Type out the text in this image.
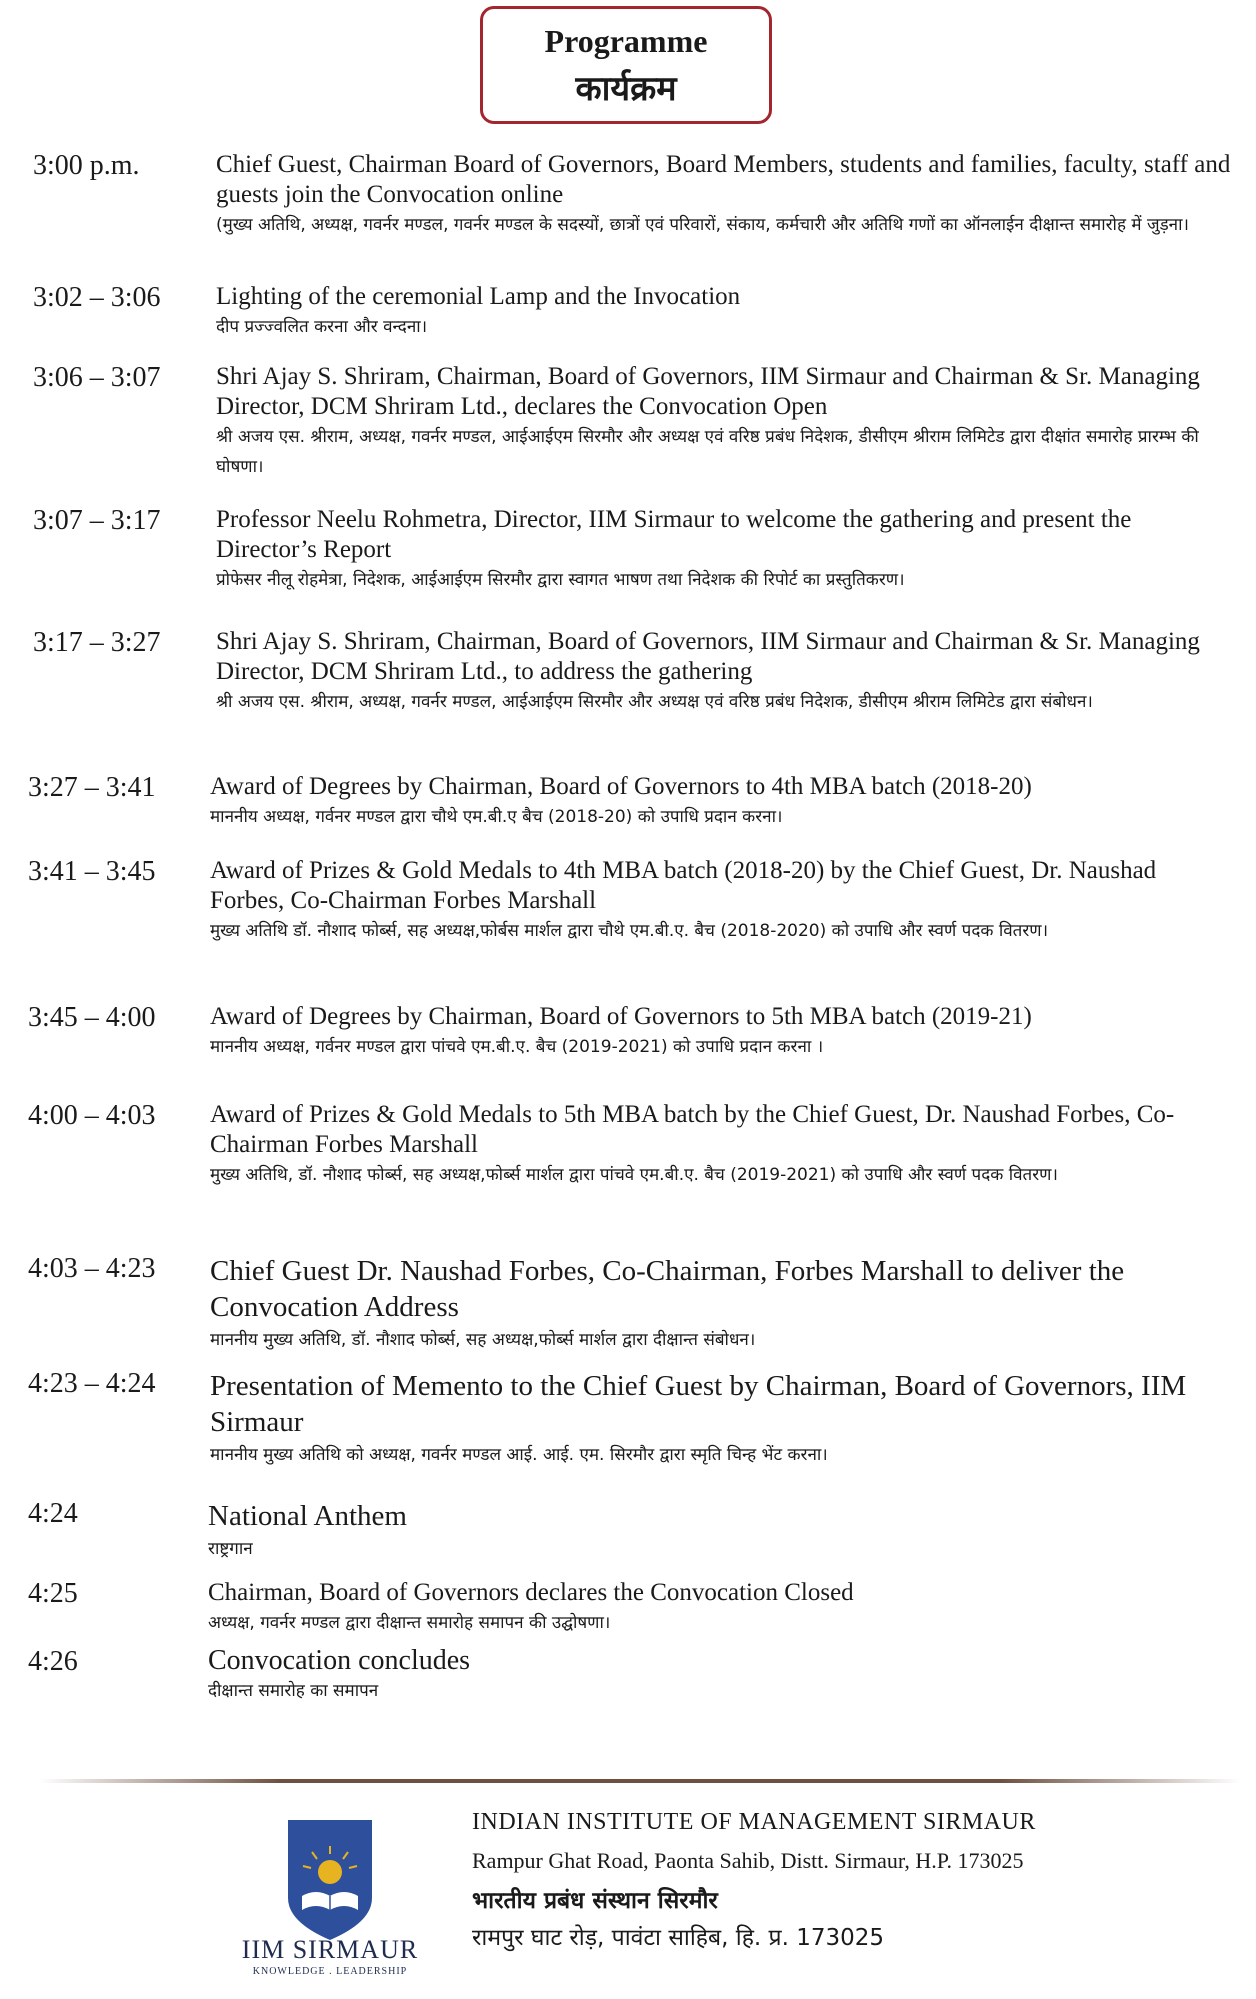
Programme
कार्यक्रम
3:00 p.m.	Chief Guest, Chairman Board of Governors, Board Members, students and families, faculty, staff and guests join the Convocation online
(मुख्य अतिथि, अध्यक्ष, गवर्नर मण्डल, गवर्नर मण्डल के सदस्यों, छात्रों एवं परिवारों, संकाय, कर्मचारी और अतिथि गणों का ऑनलाईन दीक्षान्त समारोह में जुड़ना।
3:02 – 3:06 Lighting of the ceremonial Lamp and the Invocation
दीप प्रज्ज्वलित करना और वन्दना।
3:06 – 3:07 Shri Ajay S. Shriram, Chairman, Board of Governors, IIM Sirmaur and Chairman & Sr. Managing Director, DCM Shriram Ltd., declares the Convocation Open
श्री अजय एस. श्रीराम, अध्यक्ष, गवर्नर मण्डल, आईआईएम सिरमौर और अध्यक्ष एवं वरिष्ठ प्रबंध निदेशक, डीसीएम श्रीराम लिमिटेड द्वारा दीक्षांत समारोह प्रारम्भ की घोषणा।
3:07 – 3:17 Professor Neelu Rohmetra, Director, IIM Sirmaur to welcome the gathering and present the Director’s Report
प्रोफेसर नीलू रोहमेत्रा, निदेशक, आईआईएम सिरमौर द्वारा स्वागत भाषण तथा निदेशक की रिपोर्ट का प्रस्तुतिकरण।
3:17 – 3:27 Shri Ajay S. Shriram, Chairman, Board of Governors, IIM Sirmaur and Chairman & Sr. Managing Director, DCM Shriram Ltd., to address the gathering
श्री अजय एस. श्रीराम, अध्यक्ष, गवर्नर मण्डल, आईआईएम सिरमौर और अध्यक्ष एवं वरिष्ठ प्रबंध निदेशक, डीसीएम श्रीराम लिमिटेड द्वारा संबोधन।
3:27 – 3:41 Award of Degrees by Chairman, Board of Governors to 4th MBA batch (2018-20)
माननीय अध्यक्ष, गर्वनर मण्डल द्वारा चौथे एम.बी.ए बैच (2018-20) को उपाधि प्रदान करना।
3:41 – 3:45 Award of Prizes & Gold Medals to 4th MBA batch (2018-20) by the Chief Guest, Dr. Naushad Forbes, Co-Chairman Forbes Marshall
मुख्य अतिथि डॉ. नौशाद फोर्ब्स, सह अध्यक्ष,फोर्बस मार्शल द्वारा चौथे एम.बी.ए. बैच (2018-2020) को उपाधि और स्वर्ण पदक वितरण।
3:45 – 4:00 Award of Degrees by Chairman, Board of Governors to 5th MBA batch (2019-21)
माननीय अध्यक्ष, गर्वनर मण्डल द्वारा पांचवे एम.बी.ए. बैच (2019-2021) को उपाधि प्रदान करना ।
4:00 – 4:03 Award of Prizes & Gold Medals to 5th MBA batch by the Chief Guest, Dr. Naushad Forbes, Co-Chairman Forbes Marshall
मुख्य अतिथि, डॉ. नौशाद फोर्ब्स, सह अध्यक्ष,फोर्ब्स मार्शल द्वारा पांचवे एम.बी.ए. बैच (2019-2021) को उपाधि और स्वर्ण पदक वितरण।
4:03 – 4:23 Chief Guest Dr. Naushad Forbes, Co-Chairman, Forbes Marshall to deliver the Convocation Address
माननीय मुख्य अतिथि, डॉ. नौशाद फोर्ब्स, सह अध्यक्ष,फोर्ब्स मार्शल द्वारा दीक्षान्त संबोधन।
4:23 – 4:24 Presentation of Memento to the Chief Guest by Chairman, Board of Governors, IIM Sirmaur
माननीय मुख्य अतिथि को अध्यक्ष, गवर्नर मण्डल आई. आई. एम. सिरमौर द्वारा स्मृति चिन्ह भेंट करना।
4:24	National Anthem
राष्ट्रगान
4:25	Chairman, Board of Governors declares the Convocation Closed
अध्यक्ष, गवर्नर मण्डल द्वारा दीक्षान्त समारोह समापन की उद्घोषणा।
4:26	Convocation concludes
दीक्षान्त समारोह का समापन
IIM SIRMAUR
KNOWLEDGE . LEADERSHIP
INDIAN INSTITUTE OF MANAGEMENT SIRMAUR
Rampur Ghat Road, Paonta Sahib, Distt. Sirmaur, H.P. 173025
भारतीय प्रबंध संस्थान सिरमौर
रामपुर घाट रोड़, पावंटा साहिब, हि. प्र. 173025
